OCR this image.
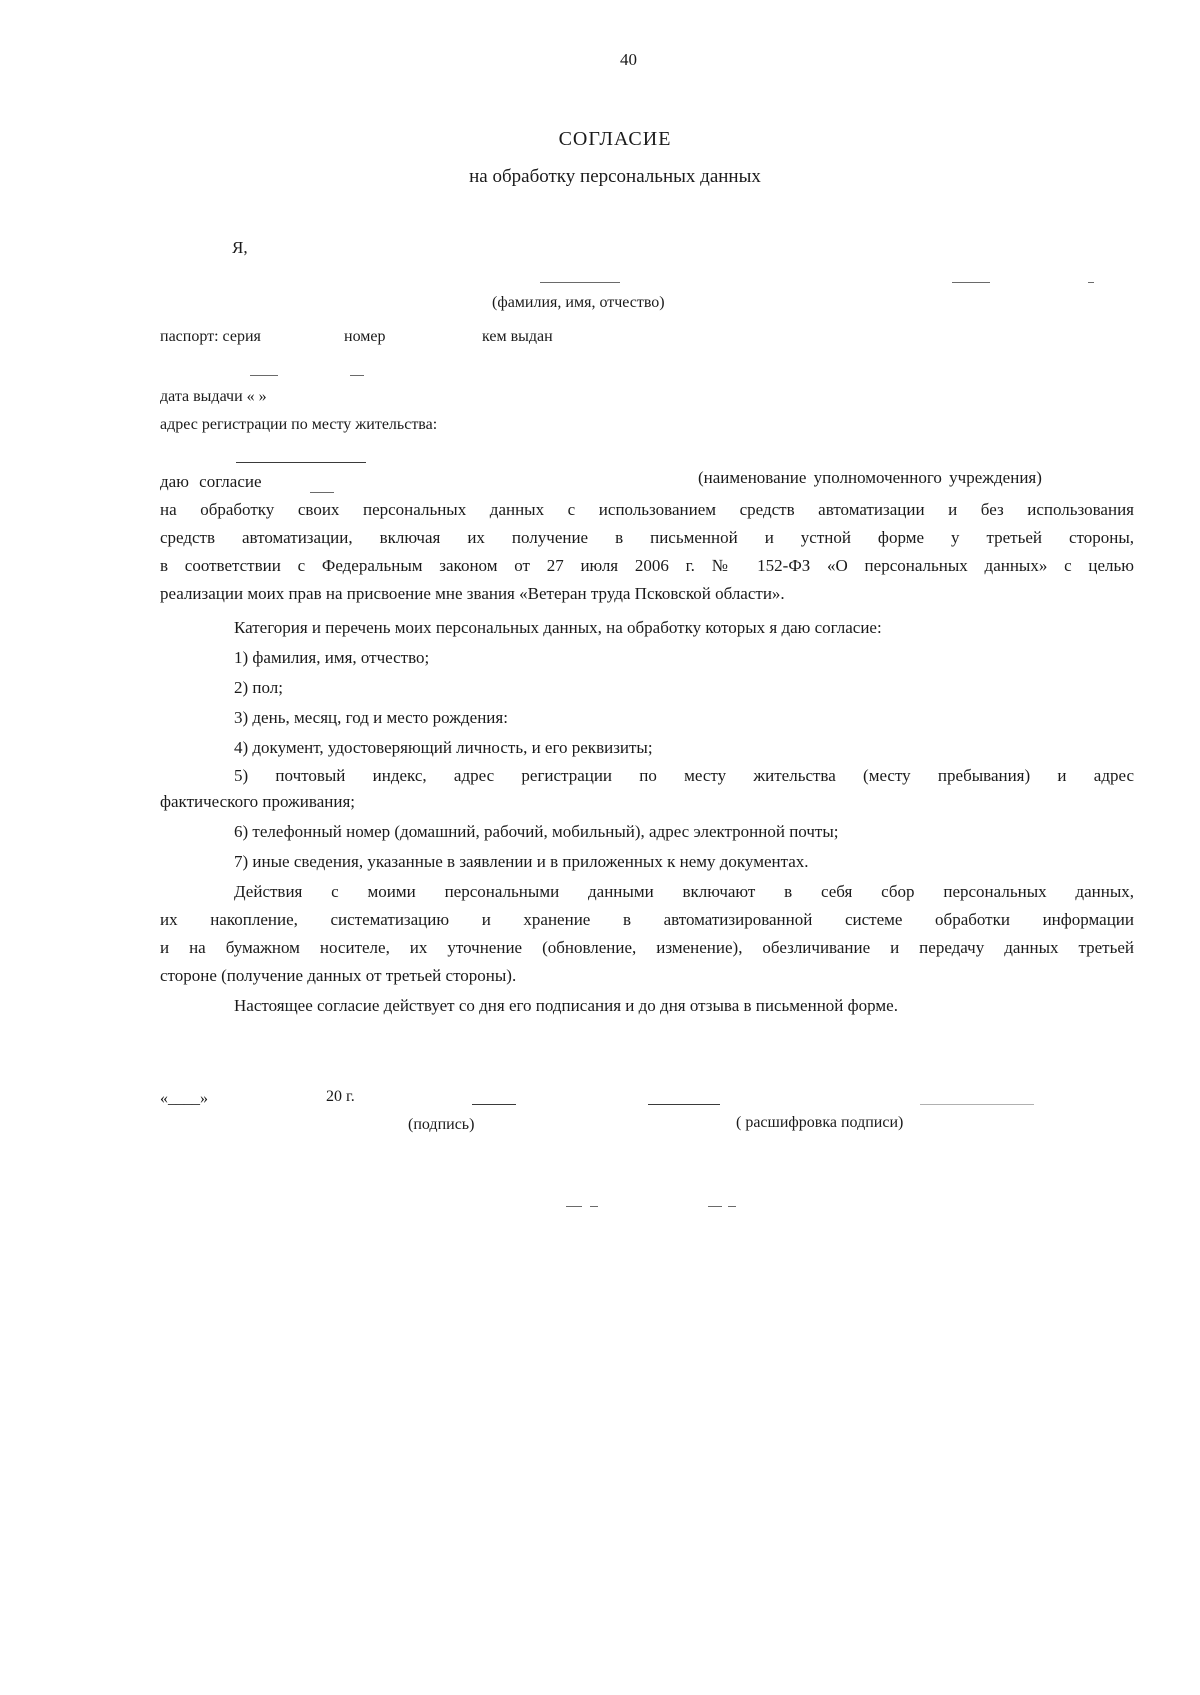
40
СОГЛАСИЕ
на обработку персональных данных
Я,
(фамилия, имя, отчество)
паспорт: серия	номер	кем выдан
дата выдачи « »
адрес регистрации по месту жительства:
даю согласие	(наименование уполномоченного учреждения)
на обработку своих персональных данных с использованием средств автоматизации и без использования
средств автоматизации, включая их получение в письменной и устной форме у третьей стороны,
в соответствии с Федеральным законом от 27 июля 2006 г. № 152-ФЗ «О персональных данных» с целью
реализации моих прав на присвоение мне звания «Ветеран труда Псковской области».
Категория и перечень моих персональных данных, на обработку которых я даю согласие:
1) фамилия, имя, отчество;
2) пол;
3) день, месяц, год и место рождения:
4) документ, удостоверяющий личность, и его реквизиты;
5) почтовый индекс, адрес регистрации по месту жительства (месту пребывания) и адрес
фактического проживания;
6) телефонный номер (домашний, рабочий, мобильный), адрес электронной почты;
7) иные сведения, указанные в заявлении и в приложенных к нему документах.
Действия с моими персональными данными включают в себя сбор персональных данных,
их накопление, систематизацию и хранение в автоматизированной системе обработки информации
и на бумажном носителе, их уточнение (обновление, изменение), обезличивание и передачу данных третьей
стороне (получение данных от третьей стороны).
Настоящее согласие действует со дня его подписания и до дня отзыва в письменной форме.
«____»	20 г.
(подпись)	( расшифровка подписи)
